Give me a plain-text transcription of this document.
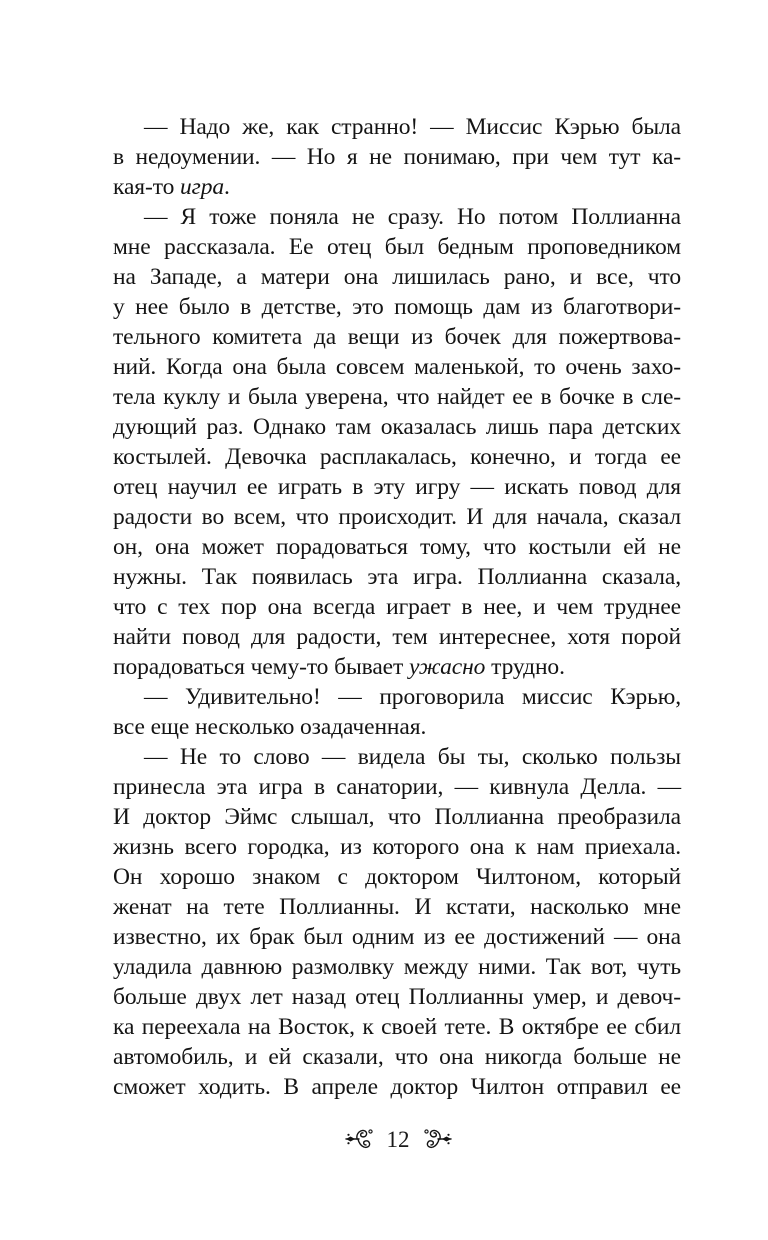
— Надо же, как странно! — Миссис Кэрью была
в недоумении. — Но я не понимаю, при чем тут ка-
кая-то игра.
— Я тоже поняла не сразу. Но потом Поллианна
мне рассказала. Ее отец был бедным проповедником
на Западе, а матери она лишилась рано, и все, что
у нее было в детстве, это помощь дам из благотвори-
тельного комитета да вещи из бочек для пожертвова-
ний. Когда она была совсем маленькой, то очень захо-
тела куклу и была уверена, что найдет ее в бочке в сле-
дующий раз. Однако там оказалась лишь пара детских
костылей. Девочка расплакалась, конечно, и тогда ее
отец научил ее играть в эту игру — искать повод для
радости во всем, что происходит. И для начала, сказал
он, она может порадоваться тому, что костыли ей не
нужны. Так появилась эта игра. Поллианна сказала,
что с тех пор она всегда играет в нее, и чем труднее
найти повод для радости, тем интереснее, хотя порой
порадоваться чему-то бывает ужасно трудно.
— Удивительно! — проговорила миссис Кэрью,
все еще несколько озадаченная.
— Не то слово — видела бы ты, сколько пользы
принесла эта игра в санатории, — кивнула Делла. —
И доктор Эймс слышал, что Поллианна преобразила
жизнь всего городка, из которого она к нам приехала.
Он хорошо знаком с доктором Чилтоном, который
женат на тете Поллианны. И кстати, насколько мне
известно, их брак был одним из ее достижений — она
уладила давнюю размолвку между ними. Так вот, чуть
больше двух лет назад отец Поллианны умер, и девоч-
ка переехала на Восток, к своей тете. В октябре ее сбил
автомобиль, и ей сказали, что она никогда больше не
сможет ходить. В апреле доктор Чилтон отправил ее
12
